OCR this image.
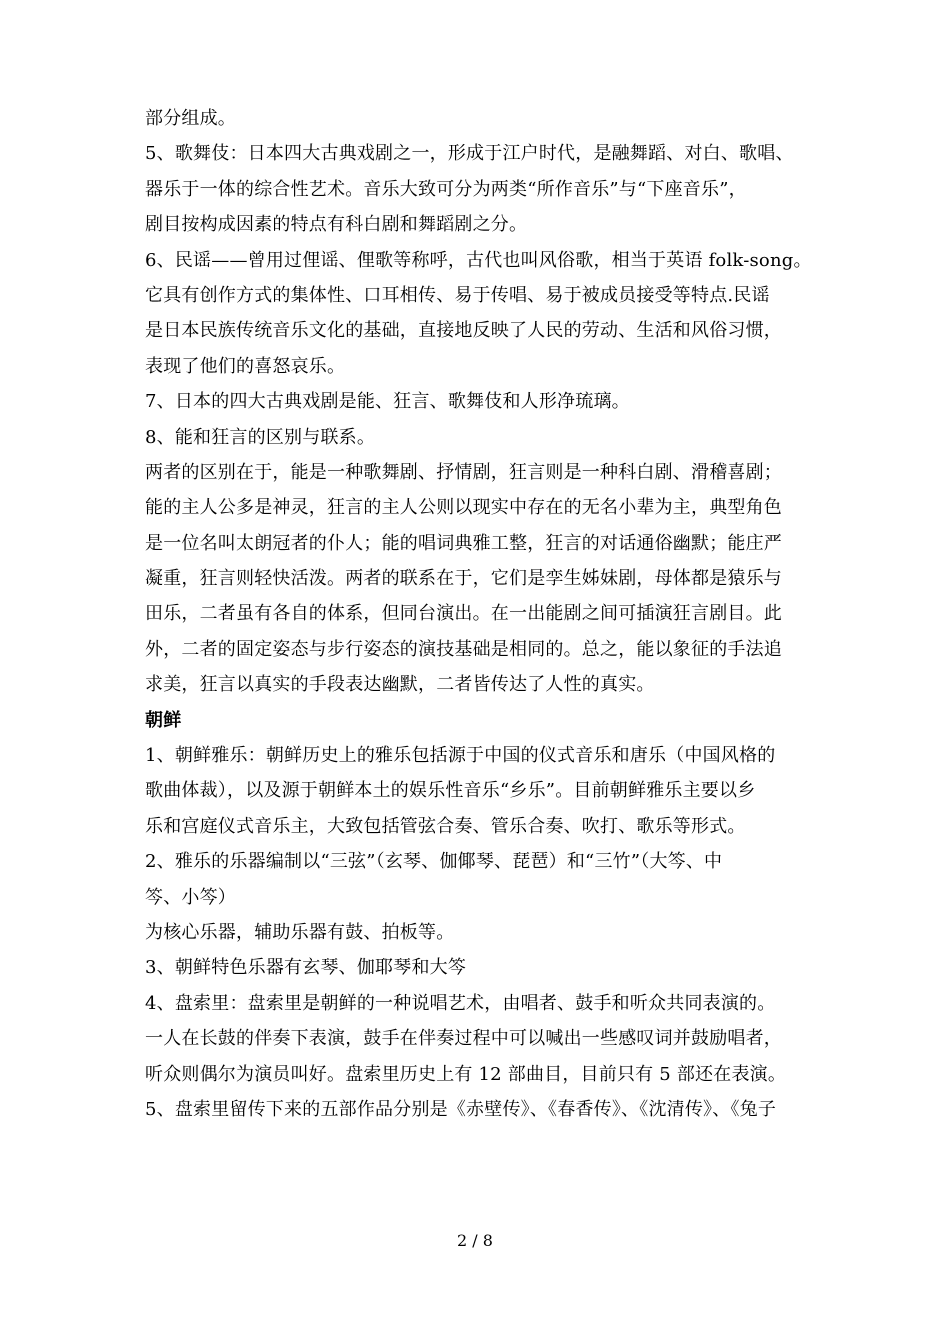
部分组成。
5、歌舞伎：日本四大古典戏剧之一，形成于江户时代，是融舞蹈、对白、歌唱、
器乐于一体的综合性艺术。音乐大致可分为两类“所作音乐”与“下座音乐”，
剧目按构成因素的特点有科白剧和舞蹈剧之分。
6、民谣——曾用过俚谣、俚歌等称呼，古代也叫风俗歌，相当于英语 folk-song。
它具有创作方式的集体性、口耳相传、易于传唱、易于被成员接受等特点.民谣
是日本民族传统音乐文化的基础，直接地反映了人民的劳动、生活和风俗习惯，
表现了他们的喜怒哀乐。
7、日本的四大古典戏剧是能、狂言、歌舞伎和人形净琉璃。
8、能和狂言的区别与联系。
两者的区别在于，能是一种歌舞剧、抒情剧，狂言则是一种科白剧、滑稽喜剧；
能的主人公多是神灵，狂言的主人公则以现实中存在的无名小辈为主，典型角色
是一位名叫太朗冠者的仆人；能的唱词典雅工整，狂言的对话通俗幽默；能庄严
凝重，狂言则轻快活泼。两者的联系在于，它们是孪生姊妹剧，母体都是猿乐与
田乐，二者虽有各自的体系，但同台演出。在一出能剧之间可插演狂言剧目。此
外，二者的固定姿态与步行姿态的演技基础是相同的。总之，能以象征的手法追
求美，狂言以真实的手段表达幽默，二者皆传达了人性的真实。
朝鲜
1、朝鲜雅乐：朝鲜历史上的雅乐包括源于中国的仪式音乐和唐乐（中国风格的
歌曲体裁），以及源于朝鲜本土的娱乐性音乐“乡乐”。目前朝鲜雅乐主要以乡
乐和宫庭仪式音乐主，大致包括管弦合奏、管乐合奏、吹打、歌乐等形式。
2、雅乐的乐器编制以“三弦”（玄琴、伽倻琴、琵琶）和“三竹”（大笒、中
笒、小笒）
为核心乐器，辅助乐器有鼓、拍板等。
3、朝鲜特色乐器有玄琴、伽耶琴和大笒
4、盘索里：盘索里是朝鲜的一种说唱艺术，由唱者、鼓手和听众共同表演的。
一人在长鼓的伴奏下表演，鼓手在伴奏过程中可以喊出一些感叹词并鼓励唱者，
听众则偶尔为演员叫好。盘索里历史上有 12 部曲目，目前只有 5 部还在表演。
5、盘索里留传下来的五部作品分别是《赤壁传》、《春香传》、《沈清传》、《兔子
2 / 8
